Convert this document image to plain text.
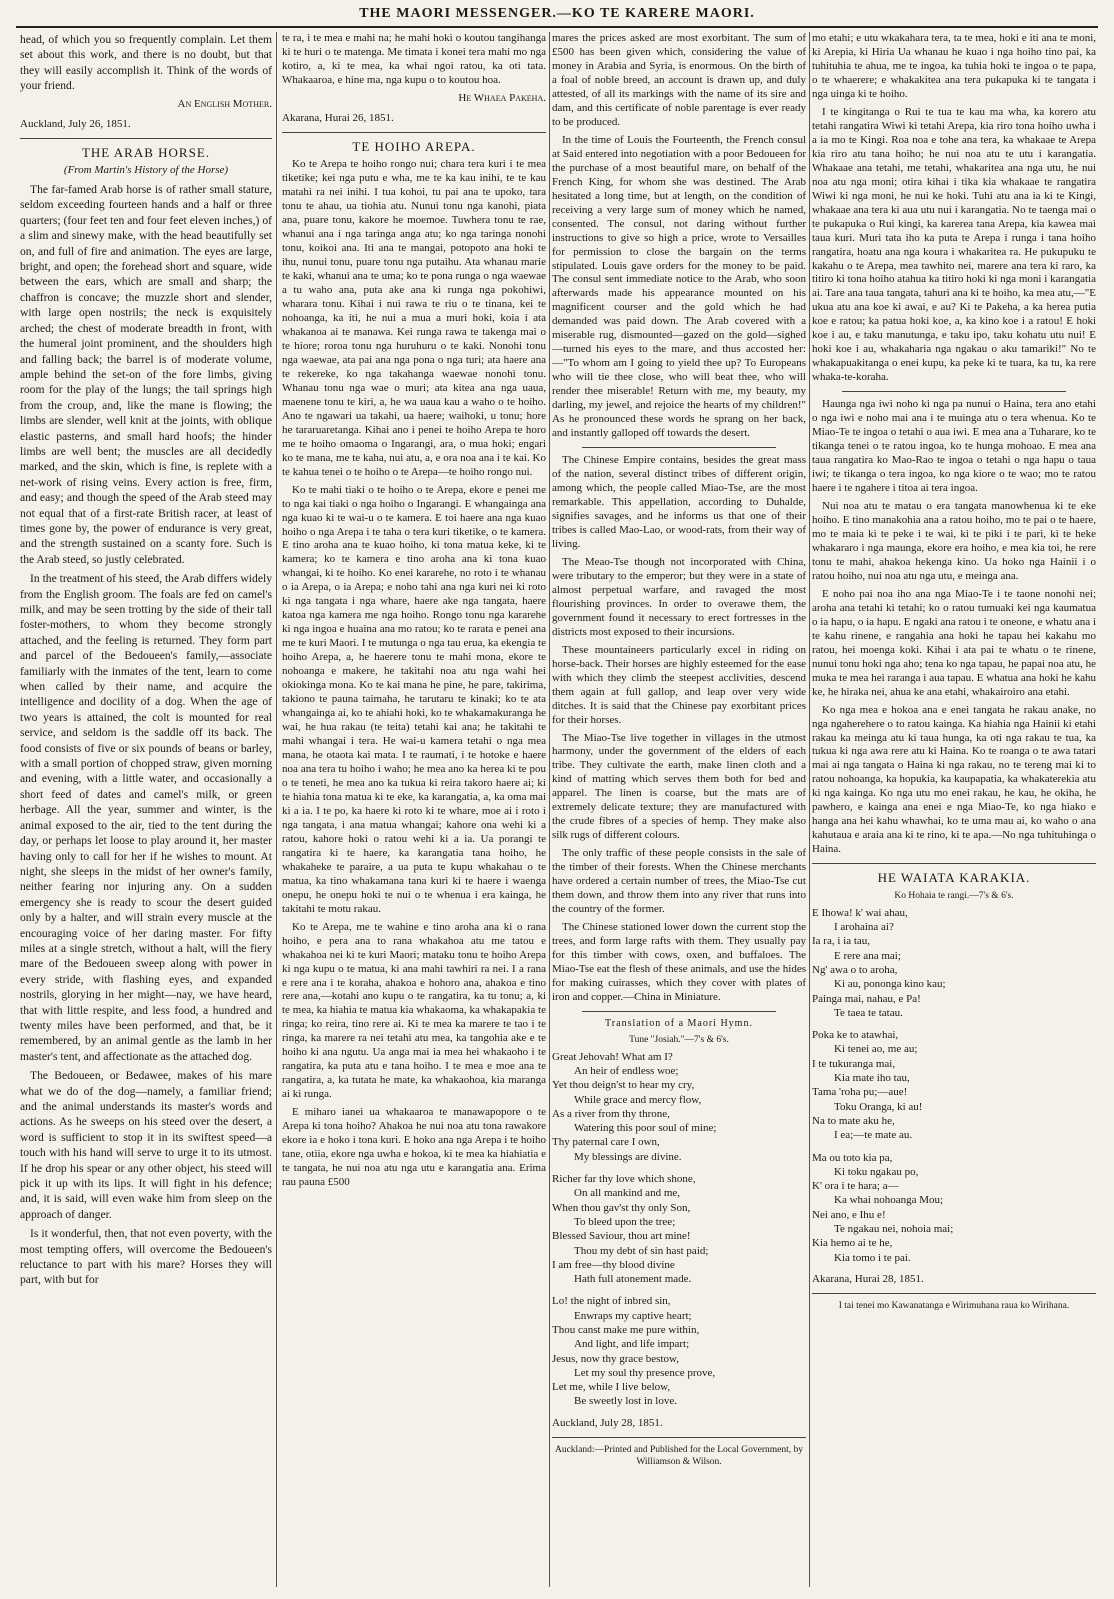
THE MAORI MESSENGER.—KO TE KARERE MAORI.

head, of which you so frequently complain. Let them set about this work, and there is no doubt, but that they will easily accomplish it. Think of the words of your friend.

An English Mother.
Auckland, July 26, 1851.
THE ARAB HORSE.
(From Martin's History of the Horse)

The far-famed Arab horse is of rather small stature, seldom exceeding fourteen hands and a half or three quarters; (four feet ten and four feet eleven inches,) of a slim and sinewy make, with the head beautifully set on, and full of fire and animation. The eyes are large, bright, and open; the forehead short and square, wide between the ears, which are small and sharp; the chaffron is concave; the muzzle short and slender, with large open nostrils; the neck is exquisitely arched; the chest of moderate breadth in front, with the humeral joint prominent, and the shoulders high and falling back; the barrel is of moderate volume, ample behind the set-on of the fore limbs, giving room for the play of the lungs; the tail springs high from the croup, and, like the mane is flowing; the limbs are slender, well knit at the joints, with oblique elastic pasterns, and small hard hoofs; the hinder limbs are well bent; the muscles are all decidedly marked, and the skin, which is fine, is replete with a net-work of rising veins. Every action is free, firm, and easy; and though the speed of the Arab steed may not equal that of a first-rate British racer, at least of times gone by, the power of endurance is very great, and the strength sustained on a scanty fore. Such is the Arab steed, so justly celebrated.

In the treatment of his steed, the Arab differs widely from the English groom. The foals are fed on camel's milk, and may be seen trotting by the side of their tall foster-mothers, to whom they become strongly attached, and the feeling is returned. They form part and parcel of the Bedoueen's family,—associate familiarly with the inmates of the tent, learn to come when called by their name, and acquire the intelligence and docility of a dog. When the age of two years is attained, the colt is mounted for real service, and seldom is the saddle off its back. The food consists of five or six pounds of beans or barley, with a small portion of chopped straw, given morning and evening, with a little water, and occasionally a short feed of dates and camel's milk, or green herbage. All the year, summer and winter, is the animal exposed to the air, tied to the tent during the day, or perhaps let loose to play around it, her master having only to call for her if he wishes to mount. At night, she sleeps in the midst of her owner's family, neither fearing nor injuring any. On a sudden emergency she is ready to scour the desert guided only by a halter, and will strain every muscle at the encouraging voice of her daring master. For fifty miles at a single stretch, without a halt, will the fiery mare of the Bedoueen sweep along with power in every stride, with flashing eyes, and expanded nostrils, glorying in her might—nay, we have heard, that with little respite, and less food, a hundred and twenty miles have been performed, and that, be it remembered, by an animal gentle as the lamb in her master's tent, and affectionate as the attached dog.

The Bedoueen, or Bedawee, makes of his mare what we do of the dog—namely, a familiar friend; and the animal understands its master's words and actions. As he sweeps on his steed over the desert, a word is sufficient to stop it in its swiftest speed—a touch with his hand will serve to urge it to its utmost. If he drop his spear or any other object, his steed will pick it up with its lips. It will fight in his defence; and, it is said, will even wake him from sleep on the approach of danger.

Is it wonderful, then, that not even poverty, with the most tempting offers, will overcome the Bedoueen's reluctance to part with his mare? Horses they will part, with but for

te ra, i te mea e mahi na; he mahi hoki o koutou tangihanga ki te huri o te matenga. Me timata i konei tera mahi mo nga kotiro, a, ki te mea, ka whai ngoi ratou, ka oti tata. Whakaaroa, e hine ma, nga kupu o to koutou hoa.

He Whaea Pakeha.
Akarana, Hurai 26, 1851.
TE HOIHO AREPA.

Ko te Arepa te hoiho rongo nui; chara tera kuri i te mea tiketike; kei nga putu e wha, me te ka kau inihi, te te kau matahi ra nei inihi. I tua kohoi, tu pai ana te upoko, tara tonu te ahau, ua tiohia atu. Nunui tonu nga kanohi, piata ana, puare tonu, kakore he moemoe. Tuwhera tonu te rae, whanui ana i nga taringa anga atu; ko nga taringa nonohi tonu, koikoi ana. Iti ana te mangai, potopoto ana hoki te ihu, nunui tonu, puare tonu nga putaihu. Ata whanau marie te kaki, whanui ana te uma; ko te pona runga o nga waewae a tu waho ana, puta ake ana ki runga nga pokohiwi, wharara tonu. Kihai i nui rawa te riu o te tinana, kei te nohoanga, ka iti, he nui a mua a muri hoki, koia i ata whakanoa ai te manawa. Kei runga rawa te takenga mai o te hiore; roroa tonu nga huruhuru o te kaki. Nonohi tonu nga waewae, ata pai ana nga pona o nga turi; ata haere ana te rekereke, ko nga takahanga waewae nonohi tonu. Whanau tonu nga wae o muri; ata kitea ana nga uaua, maenene tonu te kiri, a, he wa uaua kau a waho o te hoiho. Ano te ngawari ua takahi, ua haere; waihoki, u tonu; hore he tararuaretanga. Kihai ano i penei te hoiho Arepa te horo me te hoiho omaoma o Ingarangi, ara, o mua hoki; engari ko te mana, me te kaha, nui atu, a, e ora noa ana i te kai. Ko te kahua tenei o te hoiho o te Arepa—te hoiho rongo nui.

Ko te mahi tiaki o te hoiho o te Arepa, ekore e penei me to nga kai tiaki o nga hoiho o Ingarangi. E whangainga ana nga kuao ki te wai-u o te kamera. E toi haere ana nga kuao hoiho o nga Arepa i te taha o tera kuri tiketike, o te kamera. E tino aroha ana te kuao hoiho, ki tona matua keke, ki te kamera; ko te kamera e tino aroha ana ki tona kuao whangai, ki te hoiho. Ko enei kararehe, no roto i te whanau o ia Arepa, o ia Arepa; e noho tahi ana nga kuri nei ki roto ki nga tangata i nga whare, haere ake nga tangata, haere katoa nga kamera me nga hoiho. Rongo tonu nga kararehe ki nga ingoa e huaina ana mo ratou; ko te rarata e penei ana me te kuri Maori. I te mutunga o nga tau erua, ka ekengia te hoiho Arepa, a, he haerere tonu te mahi mona, ekore te nohoanga e makere, he takitahi noa atu nga wahi hei okiokinga mona. Ko te kai mana he pine, he pare, takirima, takiono te pauna taimaha, he tarutaru te kinaki; ko te ata whangainga ai, ko te ahiahi hoki, ko te whakamakuranga he wai, he hua rakau (te teita) tetahi kai ana; he takitahi te mahi whangai i tera. He wai-u kamera tetahi o nga mea mana, he otaota kai mata. I te raumati, i te hotoke e haere noa ana tera tu hoiho i waho; he mea ano ka herea ki te pou o te teneti, he mea ano ka tukua ki reira takoro haere ai; ki te hiahia tona matua ki te eke, ka karangatia, a, ka oma mai ki a ia. I te po, ka haere ki roto ki te whare, moe ai i roto i nga tangata, i ana matua whangai; kahore ona wehi ki a ratou, kahore hoki o ratou wehi ki a ia. Ua porangi te rangatira ki te haere, ka karangatia tana hoiho, he whakaheke te paraire, a ua puta te kupu whakahau o te matua, ka tino whakamana tana kuri ki te haere i waenga onepu, he onepu hoki te nui o te whenua i era kainga, he takitahi te motu rakau.

Ko te Arepa, me te wahine e tino aroha ana ki o rana hoiho, e pera ana to rana whakahoa atu me tatou e whakahoa nei ki te kuri Maori; mataku tonu te hoiho Arepa ki nga kupu o te matua, ki ana mahi tawhiri ra nei. I a rana e rere ana i te koraha, ahakoa e hohoro ana, ahakoa e tino rere ana,—kotahi ano kupu o te rangatira, ka tu tonu; a, ki te mea, ka hiahia te matua kia whakaoma, ka whakapakia te ringa; ko reira, tino rere ai. Ki te mea ka marere te tao i te ringa, ka marere ra nei tetahi atu mea, ka tangohia ake e te hoiho ki ana ngutu. Ua anga mai ia mea hei whakaoho i te rangatira, ka puta atu e tana hoiho. I te mea e moe ana te rangatira, a, ka tutata he mate, ka whakaohoa, kia maranga ai ki runga.

E miharo ianei ua whakaaroa te manawapopore o te Arepa ki tona hoiho? Ahakoa he nui noa atu tona rawakore ekore ia e hoko i tona kuri. E hoko ana nga Arepa i te hoiho tane, otiia, ekore nga uwha e hokoa, ki te mea ka hiahiatia e te tangata, he nui noa atu nga utu e karangatia ana. Erima rau pauna £500

mares the prices asked are most exorbitant. The sum of £500 has been given which, considering the value of money in Arabia and Syria, is enormous. On the birth of a foal of noble breed, an account is drawn up, and duly attested, of all its markings with the name of its sire and dam, and this certificate of noble parentage is ever ready to be produced.

In the time of Louis the Fourteenth, the French consul at Said entered into negotiation with a poor Bedoueen for the purchase of a most beautiful mare, on behalf of the French King, for whom she was destined. The Arab hesitated a long time, but at length, on the condition of receiving a very large sum of money which he named, consented. The consul, not daring without further instructions to give so high a price, wrote to Versailles for permission to close the bargain on the terms stipulated. Louis gave orders for the money to be paid. The consul sent immediate notice to the Arab, who soon afterwards made his appearance mounted on his magnificent courser and the gold which he had demanded was paid down. The Arab covered with a miserable rug, dismounted—gazed on the gold—sighed—turned his eyes to the mare, and thus accosted her:—"To whom am I going to yield thee up? To Europeans who will tie thee close, who will beat thee, who will render thee miserable! Return with me, my beauty, my darling, my jewel, and rejoice the hearts of my children!" As he pronounced these words he sprang on her back, and instantly galloped off towards the desert.

The Chinese Empire contains, besides the great mass of the nation, several distinct tribes of different origin, among which, the people called Miao-Tse, are the most remarkable. This appellation, according to Duhalde, signifies savages, and he informs us that one of their tribes is called Mao-Lao, or wood-rats, from their way of living.

The Meao-Tse though not incorporated with China, were tributary to the emperor; but they were in a state of almost perpetual warfare, and ravaged the most flourishing provinces. In order to overawe them, the government found it necessary to erect fortresses in the districts most exposed to their incursions.

These mountaineers particularly excel in riding on horse-back. Their horses are highly esteemed for the ease with which they climb the steepest acclivities, descend them again at full gallop, and leap over very wide ditches. It is said that the Chinese pay exorbitant prices for their horses.

The Miao-Tse live together in villages in the utmost harmony, under the government of the elders of each tribe. They cultivate the earth, make linen cloth and a kind of matting which serves them both for bed and apparel. The linen is coarse, but the mats are of extremely delicate texture; they are manufactured with the crude fibres of a species of hemp. They make also silk rugs of different colours.

The only traffic of these people consists in the sale of the timber of their forests. When the Chinese merchants have ordered a certain number of trees, the Miao-Tse cut them down, and throw them into any river that runs into the country of the former.

The Chinese stationed lower down the current stop the trees, and form large rafts with them. They usually pay for this timber with cows, oxen, and buffaloes. The Miao-Tse eat the flesh of these animals, and use the hides for making cuirasses, which they cover with plates of iron and copper.—China in Miniature.

Translation of a Maori Hymn.
Tune "Josiah."—7's & 6's.
Great Jehovah! What am I?
An heir of endless woe;
Yet thou deign'st to hear my cry,
While grace and mercy flow,
As a river from thy throne,
Watering this poor soul of mine;
Thy paternal care I own,
My blessings are divine.
Richer far thy love which shone,
On all mankind and me,
When thou gav'st thy only Son,
To bleed upon the tree;
Blessed Saviour, thou art mine!
Thou my debt of sin hast paid;
I am free—thy blood divine
Hath full atonement made.
Lo! the night of inbred sin,
Enwraps my captive heart;
Thou canst make me pure within,
And light, and life impart;
Jesus, now thy grace bestow,
Let my soul thy presence prove,
Let me, while I live below,
Be sweetly lost in love.
Auckland, July 28, 1851.
Auckland:—Printed and Published for the Local Government, by Williamson & Wilson.

mo etahi; e utu wkakahara tera, ta te mea, hoki e iti ana te moni, ki Arepia, ki Hiria Ua whanau he kuao i nga hoiho tino pai, ka tuhituhia te ahua, me te ingoa, ka tuhia hoki te ingoa o te papa, o te whaerere; e whakakitea ana tera pukapuka ki te tangata i nga uinga ki te hoiho.

I te kingitanga o Rui te tua te kau ma wha, ka korero atu tetahi rangatira Wiwi ki tetahi Arepa, kia riro tona hoiho uwha i a ia mo te Kingi. Roa noa e tohe ana tera, ka whakaae te Arepa kia riro atu tana hoiho; he nui noa atu te utu i karangatia. Whakaae ana tetahi, me tetahi, whakaritea ana nga utu, he nui noa atu nga moni; otira kihai i tika kia whakaae te rangatira Wiwi ki nga moni, he nui ke hoki. Tuhi atu ana ia ki te Kingi, whakaae ana tera ki aua utu nui i karangatia. No te taenga mai o te pukapuka o Rui kingi, ka karerea tana Arepa, kia kawea mai taua kuri. Muri tata iho ka puta te Arepa i runga i tana hoiho rangatira, hoatu ana nga koura i whakaritea ra. He pukupuku te kakahu o te Arepa, mea tawhito nei, marere ana tera ki raro, ka titiro ki tona hoiho atahua ka titiro hoki ki nga moni i karangatia ai. Tare ana taua tangata, tahuri ana ki te hoiho, ka mea atu,—"E ukua atu ana koe ki awai, e au? Ki te Pakeha, a ka herea putia koe e ratou; ka patua hoki koe, a, ka kino koe i a ratou! E hoki koe i au, e taku manutunga, e taku ipo, taku kohatu utu nui! E hoki koe i au, whakaharia nga ngakau o aku tamariki!" No te whakapuakitanga o enei kupu, ka peke ki te tuara, ka tu, ka rere whaka-te-koraha.

Haunga nga iwi noho ki nga pa nunui o Haina, tera ano etahi o nga iwi e noho mai ana i te muinga atu o tera whenua. Ko te Miao-Te te ingoa o tetahi o aua iwi. E mea ana a Tuharare, ko te tikanga tenei o te ratou ingoa, ko te hunga mohoao. E mea ana taua rangatira ko Mao-Rao te ingoa o tetahi o nga hapu o taua iwi; te tikanga o tera ingoa, ko nga kiore o te wao; mo te ratou haere i te ngahere i titoa ai tera ingoa.

Nui noa atu te matau o era tangata manowhenua ki te eke hoiho. E tino manakohia ana a ratou hoiho, mo te pai o te haere, mo te maia ki te peke i te wai, ki te piki i te pari, ki te heke whakararo i nga maunga, ekore era hoiho, e mea kia toi, he rere tonu te mahi, ahakoa hekenga kino. Ua hoko nga Hainii i o ratou hoiho, nui noa atu nga utu, e meinga ana.

E noho pai noa iho ana nga Miao-Te i te taone nonohi nei; aroha ana tetahi ki tetahi; ko o ratou tumuaki kei nga kaumatua o ia hapu, o ia hapu. E ngaki ana ratou i te oneone, e whatu ana i te kahu rinene, e rangahia ana hoki he tapau hei kakahu mo ratou, hei moenga koki. Kihai i ata pai te whatu o te rinene, nunui tonu hoki nga aho; tena ko nga tapau, he papai noa atu, he muka te mea hei raranga i aua tapau. E whatua ana hoki he kahu ke, he hiraka nei, ahua ke ana etahi, whakairoiro ana etahi.

Ko nga mea e hokoa ana e enei tangata he rakau anake, no nga ngaherehere o to ratou kainga. Ka hiahia nga Hainii ki etahi rakau ka meinga atu ki taua hunga, ka oti nga rakau te tua, ka tukua ki nga awa rere atu ki Haina. Ko te roanga o te awa tatari mai ai nga tangata o Haina ki nga rakau, no te tereng mai ki to ratou nohoanga, ka hopukia, ka kaupapatia, ka whakaterekia atu ki nga kainga. Ko nga utu mo enei rakau, he kau, he okiha, he pawhero, e kainga ana enei e nga Miao-Te, ko nga hiako e hanga ana hei kahu whawhai, ko te uma mau ai, ko waho o ana kahutaua e araia ana ki te rino, ki te apa.—No nga tuhituhinga o Haina.

HE WAIATA KARAKIA.
Ko Hohaia te rangi.—7's & 6's.
E Ihowa! k' wai ahau,
I arohaina ai?
Ia ra, i ia tau,
E rere ana mai;
Ng' awa o to aroha,
Ki au, pononga kino kau;
Painga mai, nahau, e Pa!
Te taea te tatau.
Poka ke to atawhai,
Ki tenei ao, me au;
I te tukuranga mai,
Kia mate iho tau,
Tama 'roha pu;—aue!
Toku Oranga, ki au!
Na to mate aku he,
I ea;—te mate au.
Ma ou toto kia pa,
Ki toku ngakau po,
K' ora i te hara; a—
Ka whai nohoanga Mou;
Nei ano, e Ihu e!
Te ngakau nei, nohoia mai;
Kia hemo ai te he,
Kia tomo i te pai.
Akarana, Hurai 28, 1851.
I tai tenei mo Kawanatanga e Wirimuhana raua ko Wirihana.
